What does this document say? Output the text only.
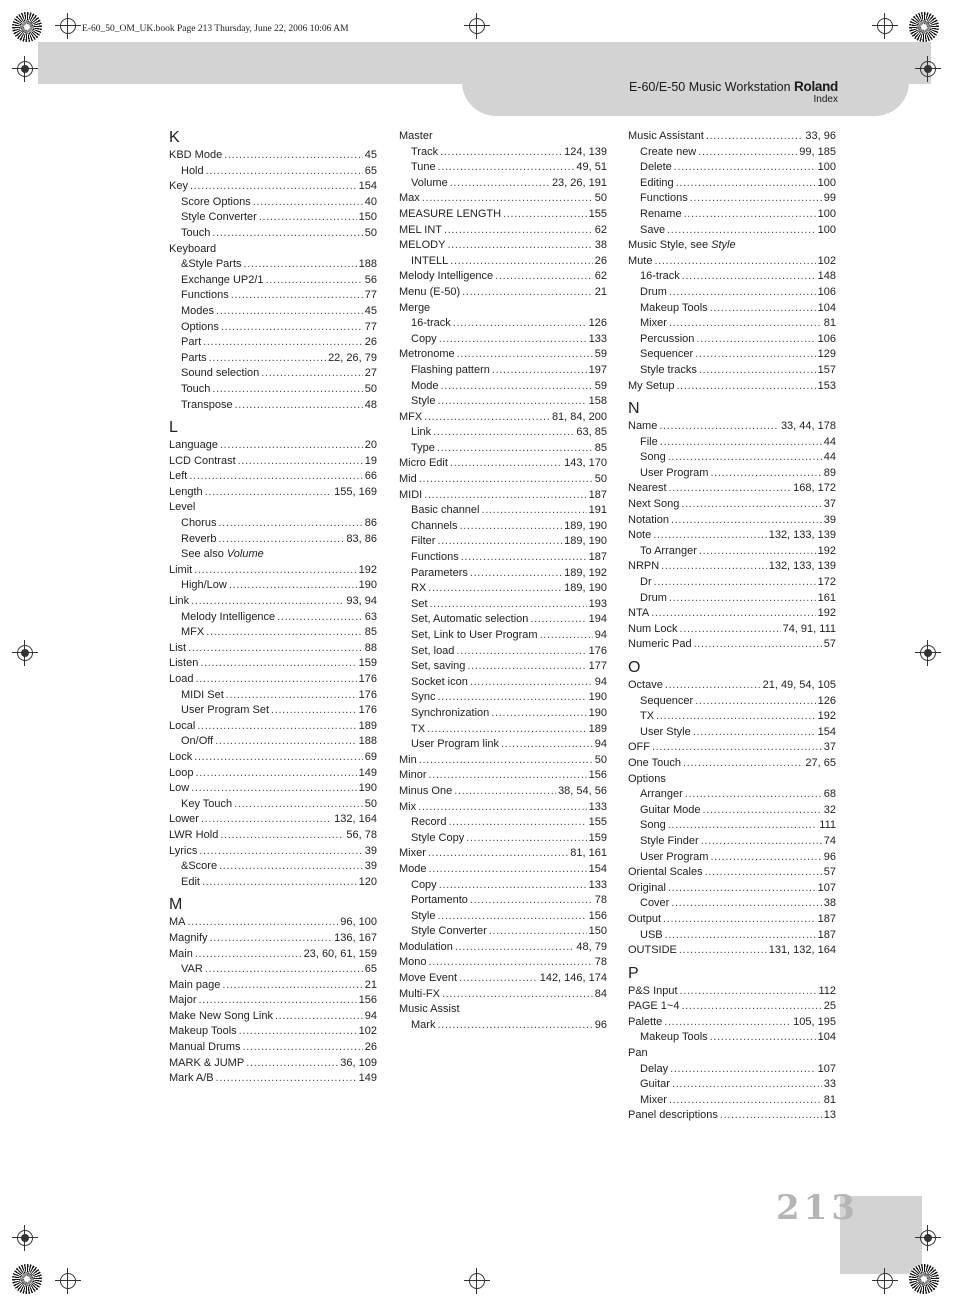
E-60_50_OM_UK.book Page 213 Thursday, June 22, 2006 10:06 AM
E-60/E-50 Music Workstation Roland
Index
K
KBD Mode . . .	45
Hold . . .	65
Key . . .	154
Score Options . . .	40
Style Converter . . .	150
Touch . . .	50
Keyboard
&Style Parts . . .	188
Exchange UP2/1 . . .	56
Functions . . .	77
Modes . . .	45
Options . . .	77
Part . . .	26
Parts . . .	22, 26, 79
Sound selection . . .	27
Touch . . .	50
Transpose . . .	48
L
Language . . .	20
LCD Contrast . . .	19
Left . . .	66
Length . . .	155, 169
Level
Chorus . . .	86
Reverb . . .	83, 86
See also Volume
Limit . . .	192
High/Low . . .	190
Link . . .	93, 94
Melody Intelligence . . .	63
MFX . . .	85
List . . .	88
Listen . . .	159
Load . . .	176
MIDI Set . . .	176
User Program Set . . .	176
Local . . .	189
On/Off . . .	188
Lock . . .	69
Loop . . .	149
Low . . .	190
Key Touch . . .	50
Lower . . .	132, 164
LWR Hold . . .	56, 78
Lyrics . . .	39
&Score . . .	39
Edit . . .	120
M
MA . . .	96, 100
Magnify . . .	136, 167
Main . . .	23, 60, 61, 159
VAR . . .	65
Main page . . .	21
Major . . .	156
Make New Song Link . . .	94
Makeup Tools . . .	102
Manual Drums . . .	26
MARK & JUMP . . .	36, 109
Mark A/B . . .	149
Master
Track . . .	124, 139
Tune . . .	49, 51
Volume . . .	23, 26, 191
Max . . .	50
MEASURE LENGTH . . .	155
MEL INT . . .	62
MELODY . . .	38
INTELL . . .	26
Melody Intelligence . . .	62
Menu (E-50) . . .	21
Merge
16-track . . .	126
Copy . . .	133
Metronome . . .	59
Flashing pattern . . .	197
Mode . . .	59
Style . . .	158
MFX . . .	81, 84, 200
Link . . .	63, 85
Type . . .	85
Micro Edit . . .	143, 170
Mid . . .	50
MIDI . . .	187
Basic channel . . .	191
Channels . . .	189, 190
Filter . . .	189, 190
Functions . . .	187
Parameters . . .	189, 192
RX . . .	189, 190
Set . . .	193
Set, Automatic selection . . .	194
Set, Link to User Program . . .	94
Set, load . . .	176
Set, saving . . .	177
Socket icon . . .	94
Sync . . .	190
Synchronization . . .	190
TX . . .	189
User Program link . . .	94
Min . . .	50
Minor . . .	156
Minus One . . .	38, 54, 56
Mix . . .	133
Record . . .	155
Style Copy . . .	159
Mixer . . .	81, 161
Mode . . .	154
Copy . . .	133
Portamento . . .	78
Style . . .	156
Style Converter . . .	150
Modulation . . .	48, 79
Mono . . .	78
Move Event . . .	142, 146, 174
Multi-FX . . .	84
Music Assist
Mark . . .	96
Music Assistant . . .	33, 96
Create new . . .	99, 185
Delete . . .	100
Editing . . .	100
Functions . . .	99
Rename . . .	100
Save . . .	100
Music Style, see Style
Mute . . .	102
16-track . . .	148
Drum . . .	106
Makeup Tools . . .	104
Mixer . . .	81
Percussion . . .	106
Sequencer . . .	129
Style tracks . . .	157
My Setup . . .	153
N
Name . . .	33, 44, 178
File . . .	44
Song . . .	44
User Program . . .	89
Nearest . . .	168, 172
Next Song . . .	37
Notation . . .	39
Note . . .	132, 133, 139
To Arranger . . .	192
NRPN . . .	132, 133, 139
Dr . . .	172
Drum . . .	161
NTA . . .	192
Num Lock . . .	74, 91, 111
Numeric Pad . . .	57
O
Octave . . .	21, 49, 54, 105
Sequencer . . .	126
TX . . .	192
User Style . . .	154
OFF . . .	37
One Touch . . .	27, 65
Options
Arranger . . .	68
Guitar Mode . . .	32
Song . . .	111
Style Finder . . .	74
User Program . . .	96
Oriental Scales . . .	57
Original . . .	107
Cover . . .	38
Output . . .	187
USB . . .	187
OUTSIDE . . .	131, 132, 164
P
P&S Input . . .	112
PAGE 1~4 . . .	25
Palette . . .	105, 195
Makeup Tools . . .	104
Pan
Delay . . .	107
Guitar . . .	33
Mixer . . .	81
Panel descriptions . . .	13
213
